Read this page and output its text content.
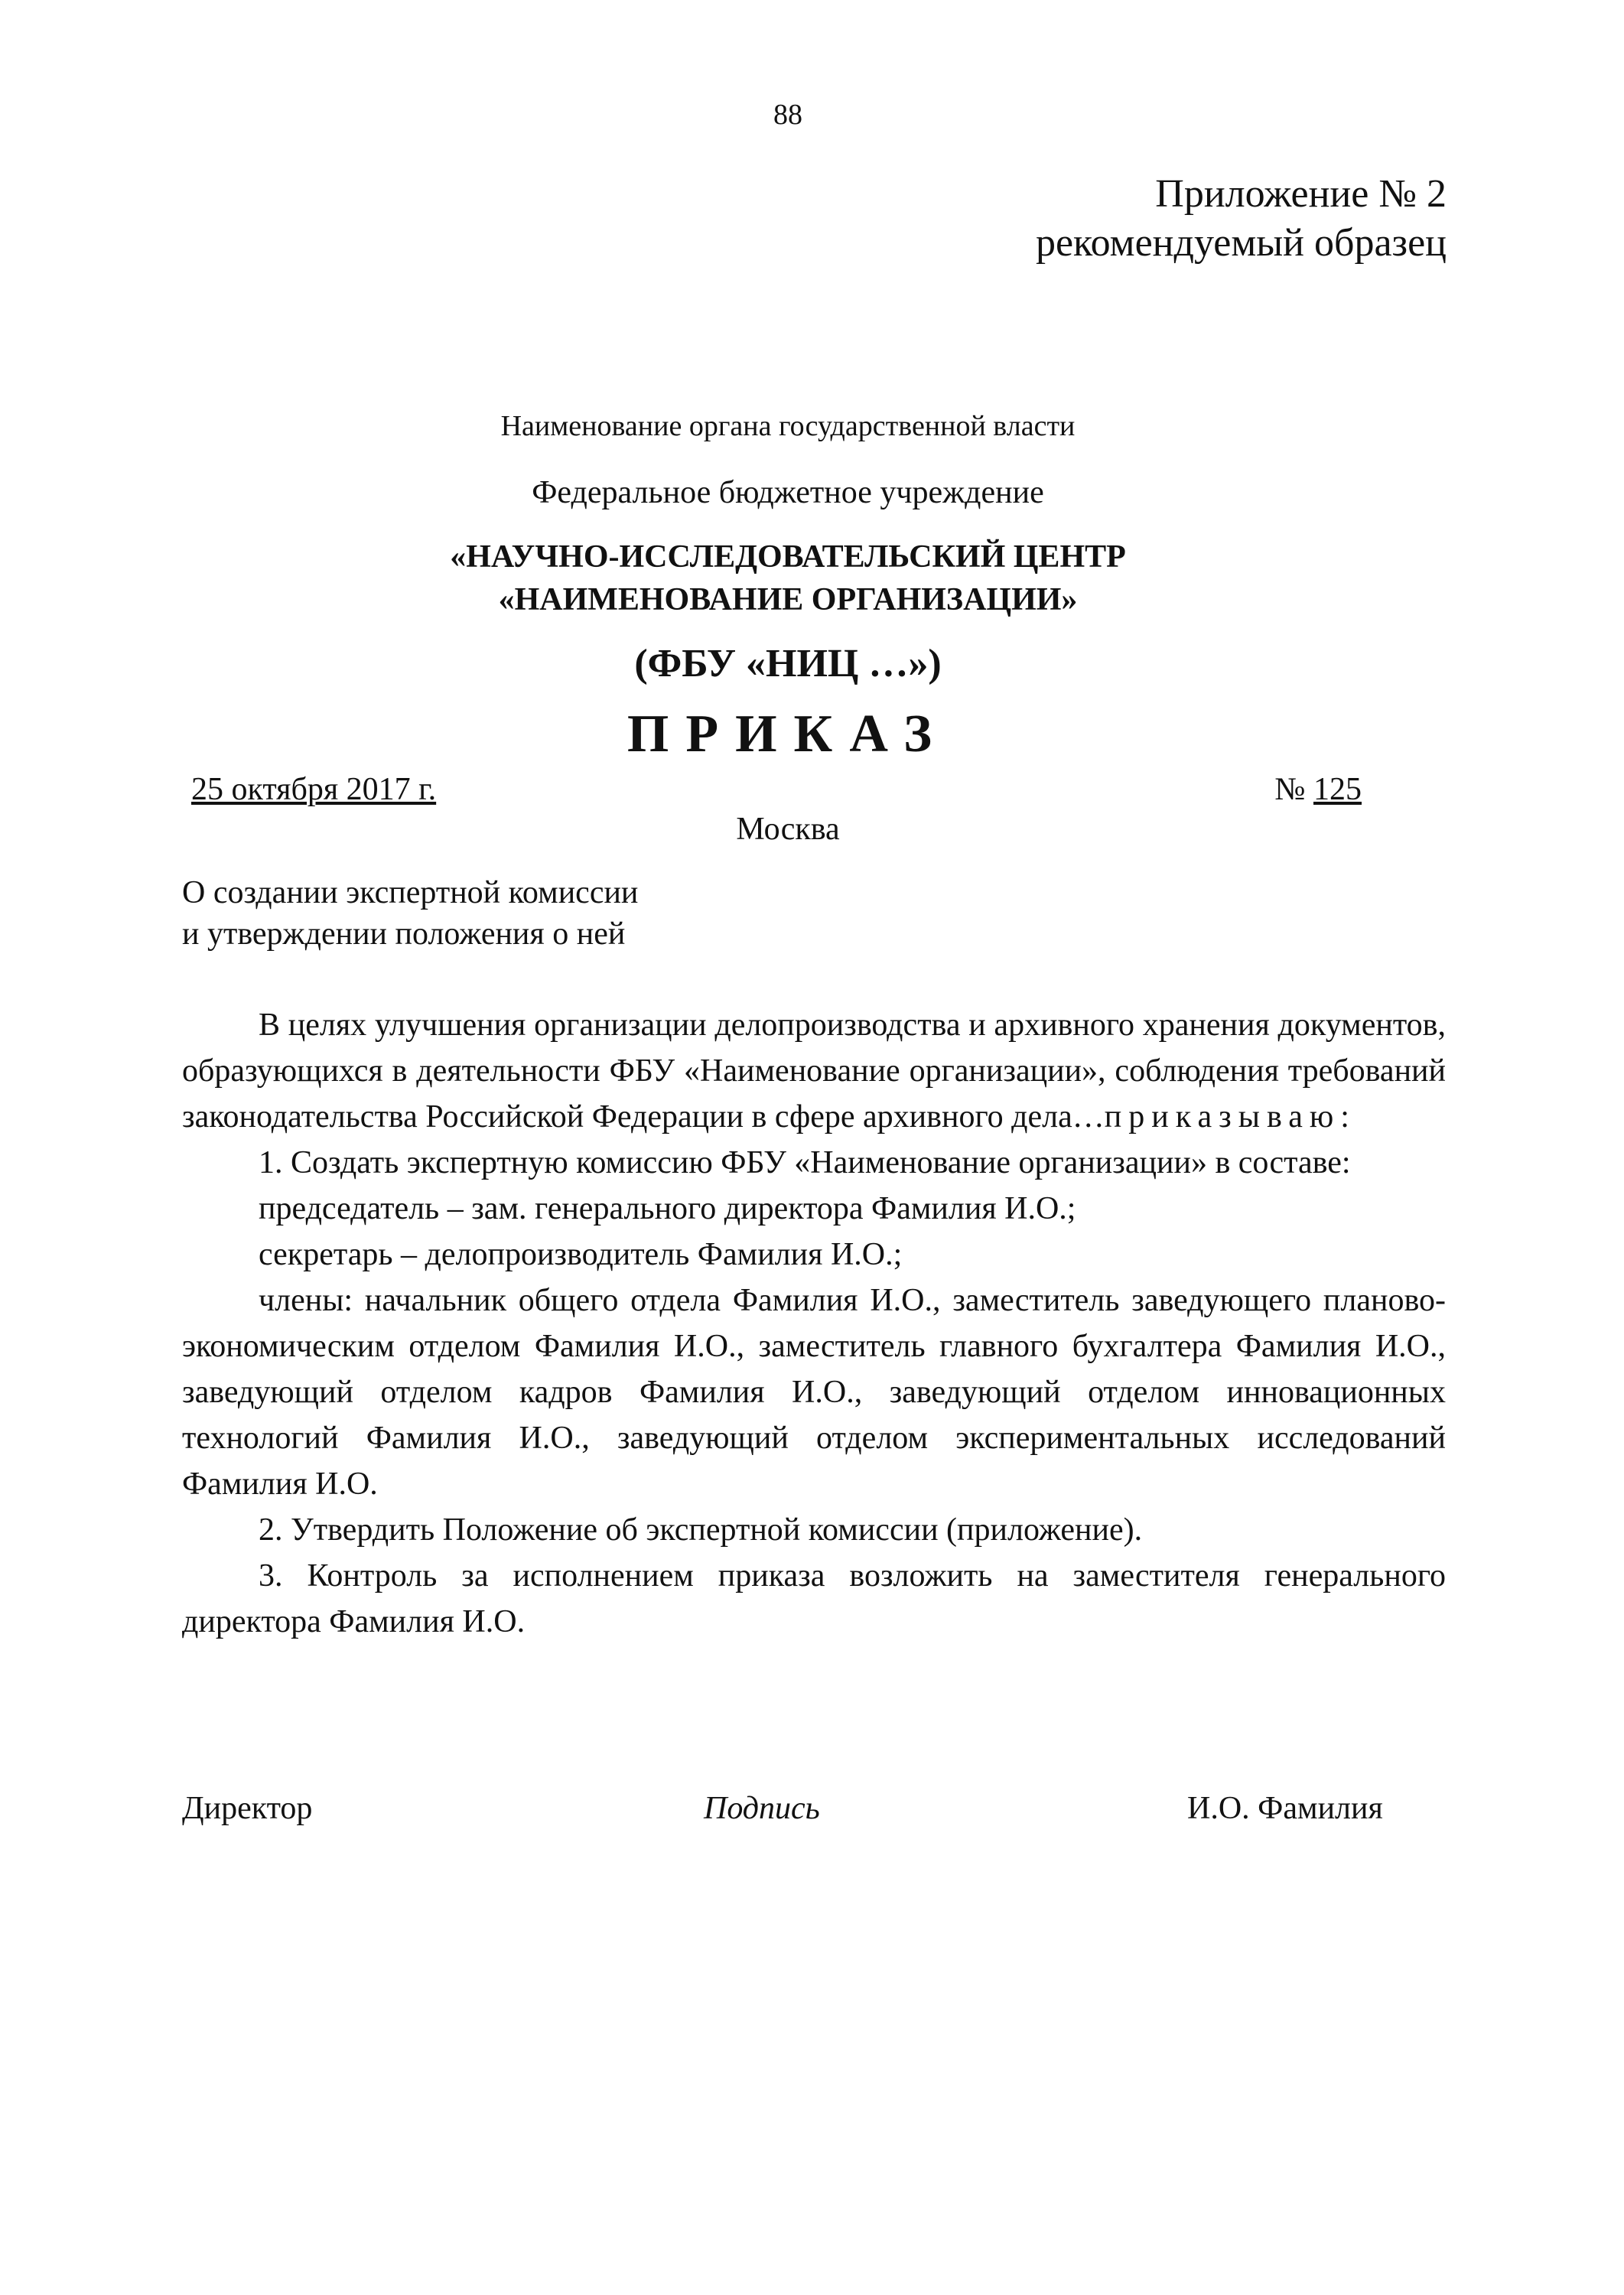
88
Приложение № 2
рекомендуемый образец
Наименование органа государственной власти
Федеральное бюджетное учреждение
«НАУЧНО-ИССЛЕДОВАТЕЛЬСКИЙ ЦЕНТР
«НАИМЕНОВАНИЕ ОРГАНИЗАЦИИ»
(ФБУ «НИЦ …»)
ПРИКАЗ
25 октября 2017 г.	№ 125
Москва
О создании экспертной комиссии
и утверждении положения о ней

В целях улучшения организации делопроизводства и архивного хранения документов, образующихся в деятельности ФБУ «Наименование организации», соблюдения требований законодательства Российской Федерации в сфере архивного дела…приказываю:

1. Создать экспертную комиссию ФБУ «Наименование организации» в составе:

председатель – зам. генерального директора Фамилия И.О.;

секретарь – делопроизводитель Фамилия И.О.;

члены: начальник общего отдела Фамилия И.О., заместитель заведующего планово-экономическим отделом Фамилия И.О., заместитель главного бухгалтера Фамилия И.О., заведующий отделом кадров Фамилия И.О., заведующий отделом инновационных технологий Фамилия И.О., заведующий отделом экспериментальных исследований Фамилия И.О.

2. Утвердить Положение об экспертной комиссии (приложение).

3. Контроль за исполнением приказа возложить на заместителя генерального директора Фамилия И.О.

Директор	Подпись	И.О. Фамилия
